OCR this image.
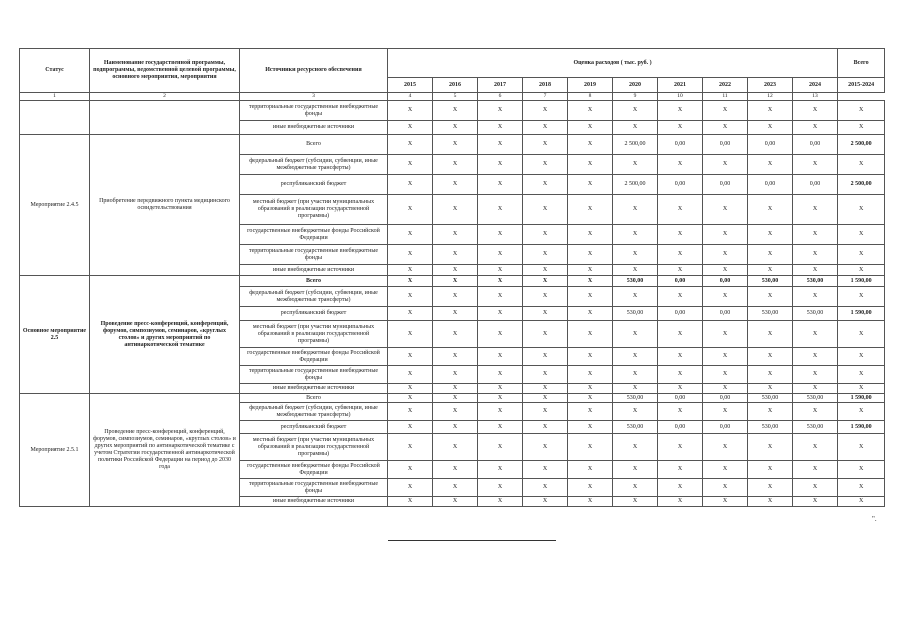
Статус	Наименование государственной программы, подпрограммы, ведомственной целевой программы, основного мероприятия, мероприятия	Источники ресурсного обеспечения	Оценка расходов ( тыс. руб. )										Всего
			2015	2016	2017	2018	2019	2020	2021	2022	2023	2024	2015-2024
1	2	3	4	5	6	7	8	9	10	11	12	13	
		территориальные государственные внебюджетные фонды	X	X	X	X	X	X	X	X	X	X	X
		иные внебюджетные источники	X	X	X	X	X	X	X	X	X	X	X
Мероприятие 2.4.5	Приобретение передвижного пункта медицинского освидетельствования	Всего	X	X	X	X	X	2 500,00	0,00	0,00	0,00	0,00	2 500,00
		федеральный бюджет (субсидии, субвенции, иные межбюджетные трансферты)	X	X	X	X	X	X	X	X	X	X	X
		республиканский бюджет	X	X	X	X	X	2 500,00	0,00	0,00	0,00	0,00	2 500,00
		местный бюджет (при участии муниципальных образований в реализации государственной программы)	X	X	X	X	X	X	X	X	X	X	X
		государственные внебюджетные фонды Российской Федерации	X	X	X	X	X	X	X	X	X	X	X
		территориальные государственные внебюджетные фонды	X	X	X	X	X	X	X	X	X	X	X
		иные внебюджетные источники	X	X	X	X	X	X	X	X	X	X	X
Основное мероприятие 2.5	Проведение пресс-конференций, конференций, форумов, симпозиумов, семинаров, «круглых столов» и других мероприятий по антинаркотической тематике	Всего	X	X	X	X	X	530,00	0,00	0,00	530,00	530,00	1 590,00
		федеральный бюджет (субсидии, субвенции, иные межбюджетные трансферты)	X	X	X	X	X	X	X	X	X	X	X
		республиканский бюджет	X	X	X	X	X	530,00	0,00	0,00	530,00	530,00	1 590,00
		местный бюджет (при участии муниципальных образований в реализации государственной программы)	X	X	X	X	X	X	X	X	X	X	X
		государственные внебюджетные фонды Российской Федерации	X	X	X	X	X	X	X	X	X	X	X
		территориальные государственные внебюджетные фонды	X	X	X	X	X	X	X	X	X	X	X
		иные внебюджетные источники	X	X	X	X	X	X	X	X	X	X	X
Мероприятие 2.5.1	Проведение пресс-конференций, конференций, форумов, симпозиумов, семинаров, «круглых столов» и других мероприятий по антинаркотической тематике с учетом Стратегии государственной антинаркотической политики Российской Федерации на период до 2030 года	Всего	X	X	X	X	X	530,00	0,00	0,00	530,00	530,00	1 590,00
		федеральный бюджет (субсидии, субвенции, иные межбюджетные трансферты)	X	X	X	X	X	X	X	X	X	X	X
		республиканский бюджет	X	X	X	X	X	530,00	0,00	0,00	530,00	530,00	1 590,00
		местный бюджет (при участии муниципальных образований в реализации государственной программы)	X	X	X	X	X	X	X	X	X	X	X
		государственные внебюджетные фонды Российской Федерации	X	X	X	X	X	X	X	X	X	X	X
		территориальные государственные внебюджетные фонды	X	X	X	X	X	X	X	X	X	X	X
		иные внебюджетные источники	X	X	X	X	X	X	X	X	X	X	X
".
